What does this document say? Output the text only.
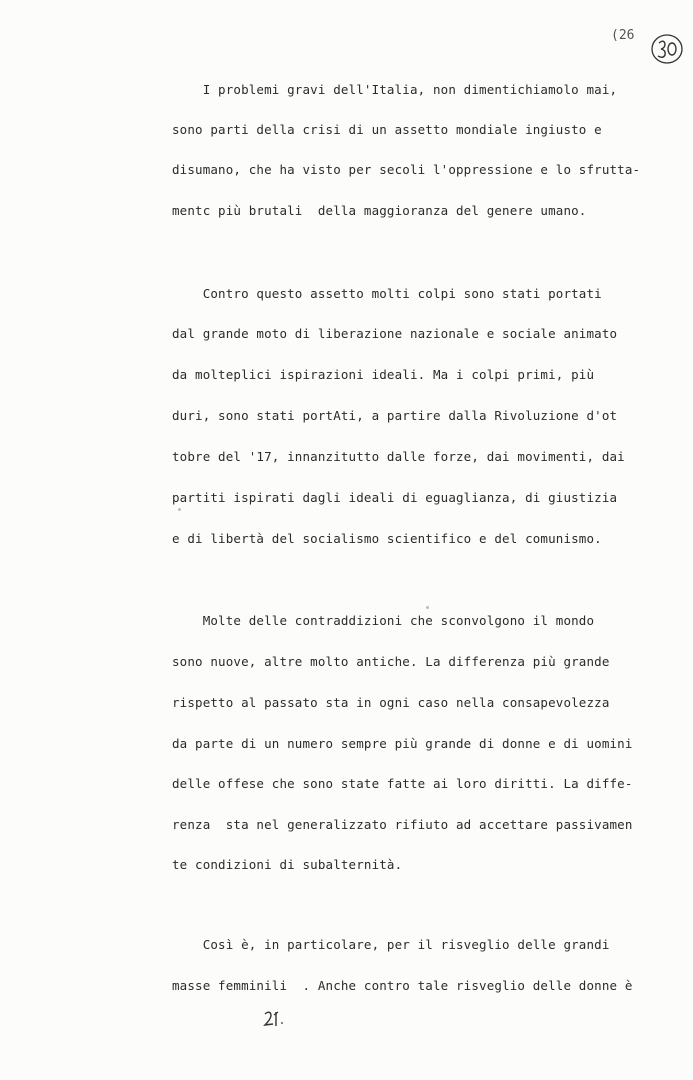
(26
I problemi gravi dell'Italia, non dimentichiamolo mai,
sono parti della crisi di un assetto mondiale ingiusto e
disumano, che ha visto per secoli l'oppressione e lo sfrutta-
mentc più brutali  della maggioranza del genere umano.
Contro questo assetto molti colpi sono stati portati
dal grande moto di liberazione nazionale e sociale animato
da molteplici ispirazioni ideali. Ma i colpi primi, più
duri, sono stati portAti, a partire dalla Rivoluzione d'ot
tobre del '17, innanzitutto dalle forze, dai movimenti, dai
partiti ispirati dagli ideali di eguaglianza, di giustizia
e di libertà del socialismo scientifico e del comunismo.
Molte delle contraddizioni che sconvolgono il mondo
sono nuove, altre molto antiche. La differenza più grande
rispetto al passato sta in ogni caso nella consapevolezza
da parte di un numero sempre più grande di donne e di uomini
delle offese che sono state fatte ai loro diritti. La diffe-
renza  sta nel generalizzato rifiuto ad accettare passivamen
te condizioni di subalternità.
Così è, in particolare, per il risveglio delle grandi
masse femminili  . Anche contro tale risveglio delle donne è
